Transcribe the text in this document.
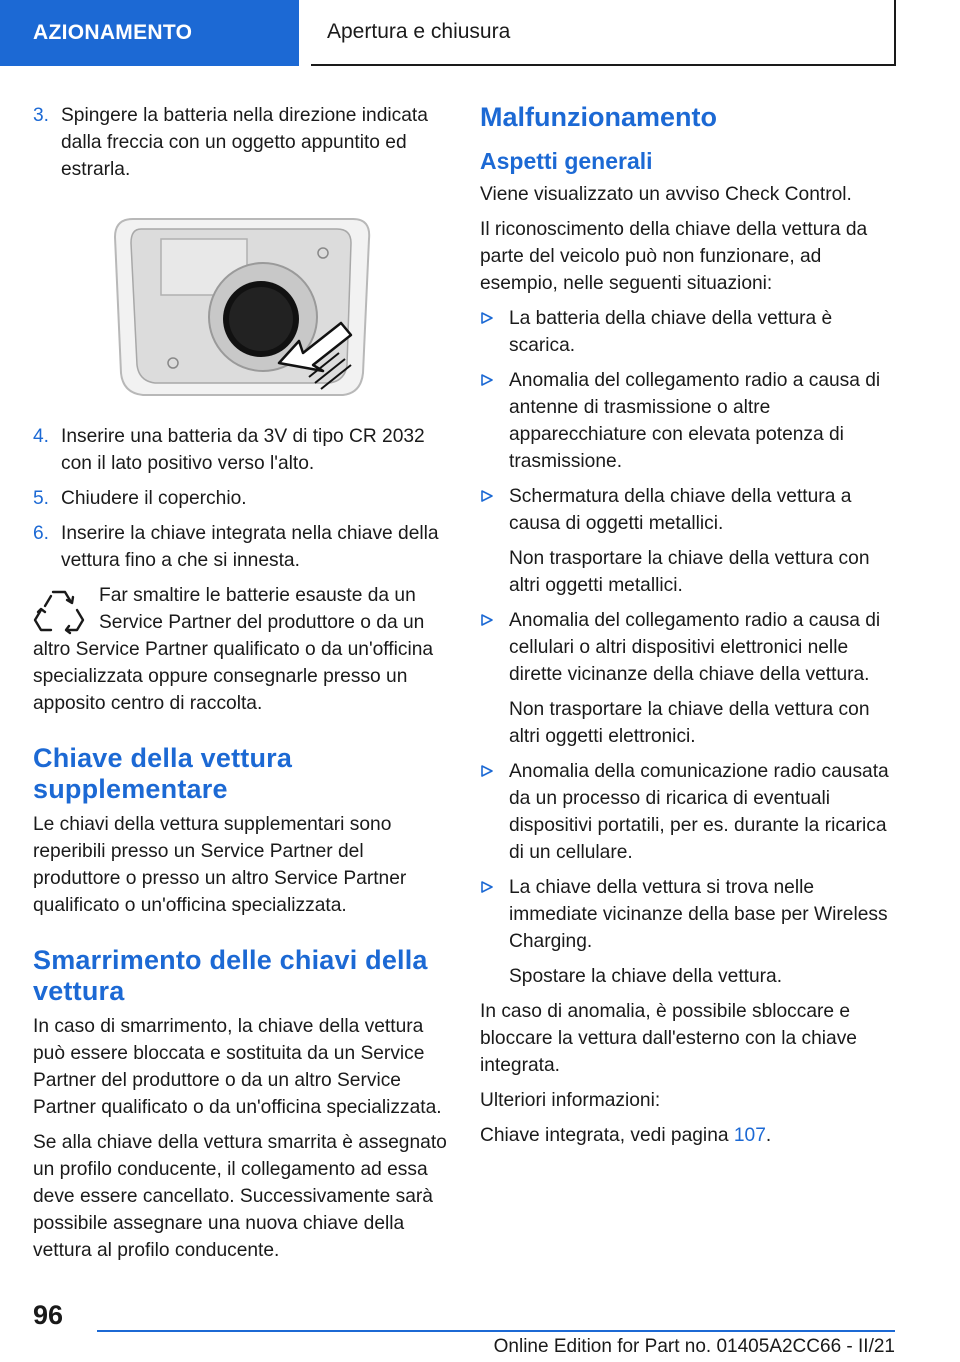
AZIONAMENTO	Apertura e chiusura
3. Spingere la batteria nella direzione indicata dalla freccia con un oggetto appuntito ed estrarla.
4. Inserire una batteria da 3V di tipo CR 2032 con il lato positivo verso l'alto.
5. Chiudere il coperchio.
6. Inserire la chiave integrata nella chiave della vettura fino a che si innesta.
Far smaltire le batterie esauste da un Service Partner del produttore o da un altro Service Partner qualificato o da un'officina specializzata oppure consegnarle presso un apposito centro di raccolta.
Chiave della vettura supplementare

Le chiavi della vettura supplementari sono reperibili presso un Service Partner del produttore o presso un altro Service Partner qualificato o un'officina specializzata.

Smarrimento delle chiavi della vettura

In caso di smarrimento, la chiave della vettura può essere bloccata e sostituita da un Service Partner del produttore o da un altro Service Partner qualificato o da un'officina specializzata.

Se alla chiave della vettura smarrita è assegnato un profilo conducente, il collegamento ad essa deve essere cancellato. Successivamente sarà possibile assegnare una nuova chiave della vettura al profilo conducente.

Malfunzionamento
Aspetti generali

Viene visualizzato un avviso Check Control.

Il riconoscimento della chiave della vettura da parte del veicolo può non funzionare, ad esempio, nelle seguenti situazioni:

La batteria della chiave della vettura è scarica.
Anomalia del collegamento radio a causa di antenne di trasmissione o altre apparecchiature con elevata potenza di trasmissione.
Schermatura della chiave della vettura a causa di oggetti metallici.
Non trasportare la chiave della vettura con altri oggetti metallici.
Anomalia del collegamento radio a causa di cellulari o altri dispositivi elettronici nelle dirette vicinanze della chiave della vettura.
Non trasportare la chiave della vettura con altri oggetti elettronici.
Anomalia della comunicazione radio causata da un processo di ricarica di eventuali dispositivi portatili, per es. durante la ricarica di un cellulare.
La chiave della vettura si trova nelle immediate vicinanze della base per Wireless Charging.
Spostare la chiave della vettura.

In caso di anomalia, è possibile sbloccare e bloccare la vettura dall'esterno con la chiave integrata.

Ulteriori informazioni:

Chiave integrata, vedi pagina 107.

96
Online Edition for Part no. 01405A2CC66 - II/21
